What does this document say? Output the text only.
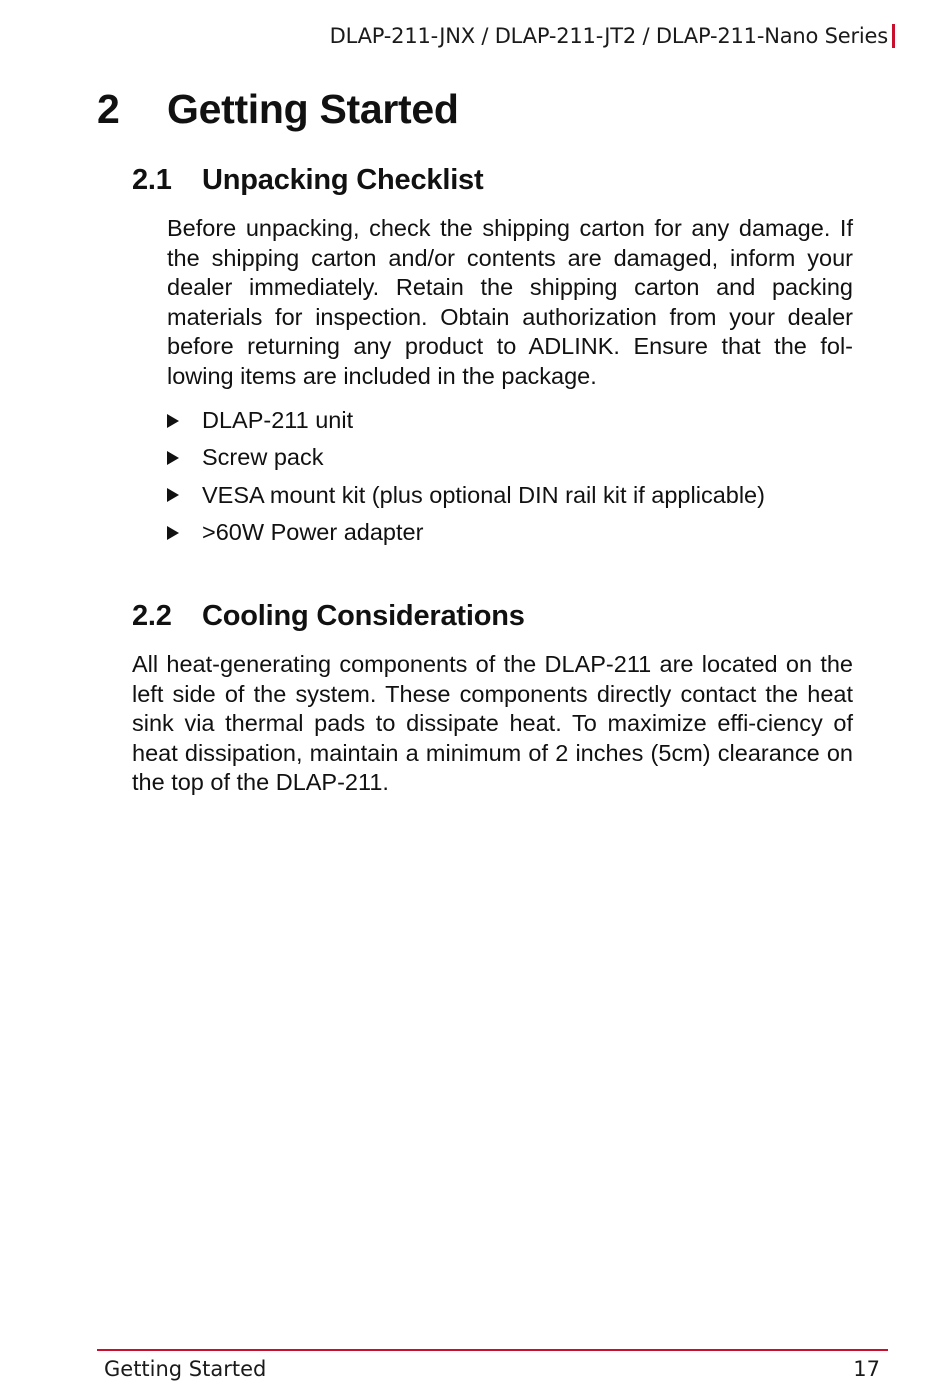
DLAP-211-JNX / DLAP-211-JT2 / DLAP-211-Nano Series
2	Getting Started
2.1	Unpacking Checklist
Before unpacking, check the shipping carton for any damage. If the shipping carton and/or contents are damaged, inform your dealer immediately. Retain the shipping carton and packing materials for inspection. Obtain authorization from your dealer before returning any product to ADLINK. Ensure that the fol-lowing items are included in the package.
DLAP-211 unit
Screw pack
VESA mount kit (plus optional DIN rail kit if applicable)
>60W Power adapter
2.2	Cooling Considerations
All heat-generating components of the DLAP-211 are located on the left side of the system. These components directly contact the heat sink via thermal pads to dissipate heat. To maximize effi-ciency of heat dissipation, maintain a minimum of 2 inches (5cm) clearance on the top of the DLAP-211.
Getting Started	17
